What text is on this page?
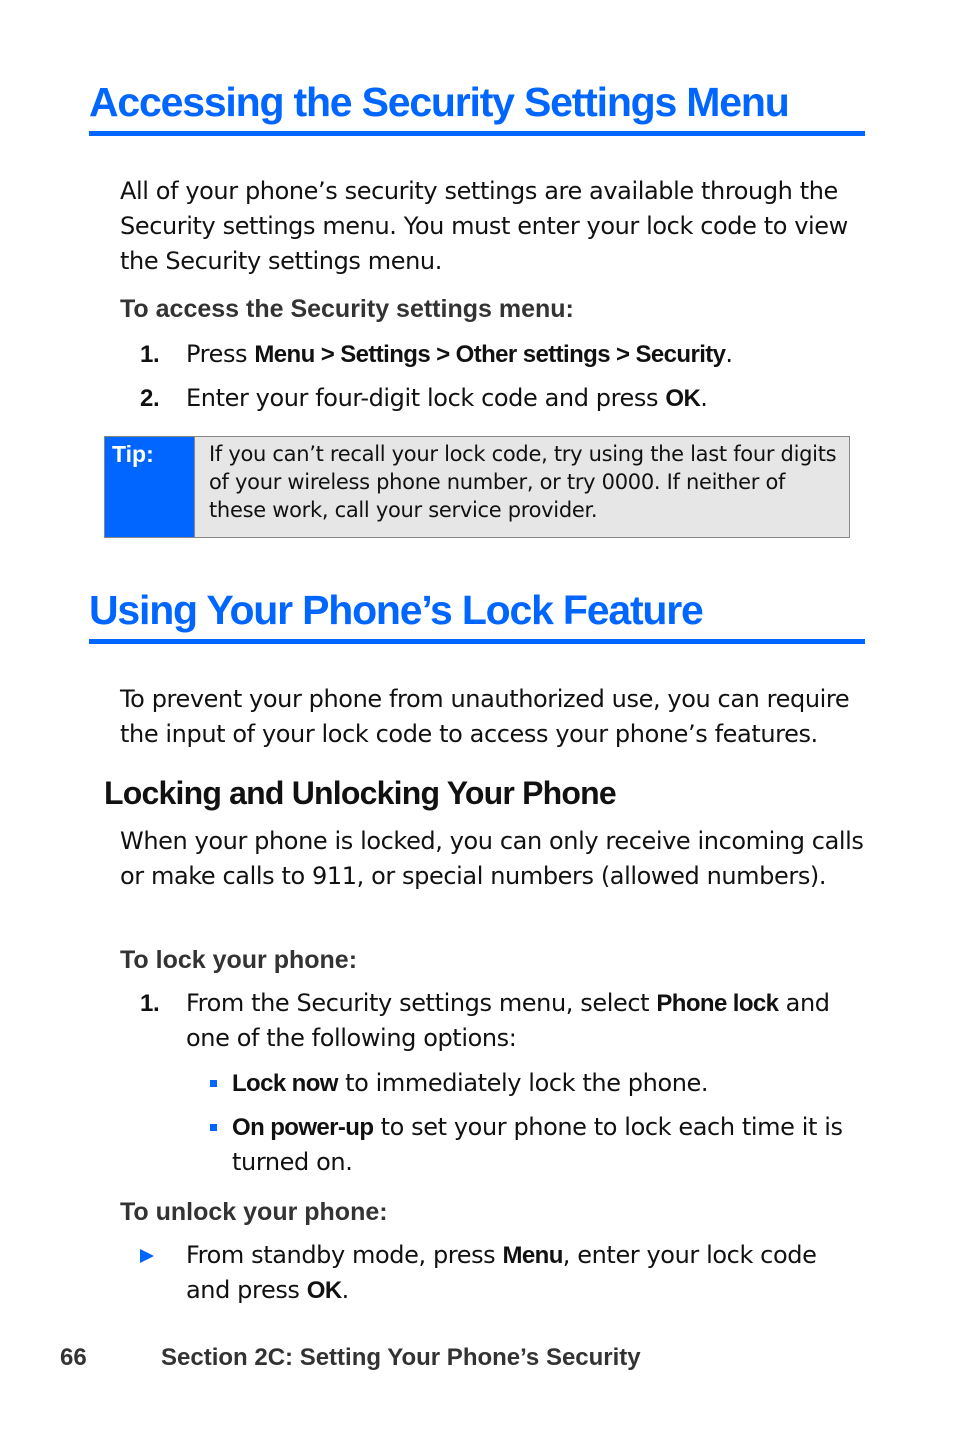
Accessing the Security Settings Menu

All of your phone’s security settings are available through the Security settings menu. You must enter your lock code to view the Security settings menu.

To access the Security settings menu:

1. Press Menu > Settings > Other settings > Security.
2. Enter your four-digit lock code and press OK.
Tip:	If you can’t recall your lock code, try using the last four digits of your wireless phone number, or try 0000. If neither of these work, call your service provider.
Using Your Phone’s Lock Feature

To prevent your phone from unauthorized use, you can require the input of your lock code to access your phone’s features.

Locking and Unlocking Your Phone

When your phone is locked, you can only receive incoming calls or make calls to 911, or special numbers (allowed numbers).

To lock your phone:

1. From the Security settings menu, select Phone lock and one of the following options:
Lock now to immediately lock the phone.
On power-up to set your phone to lock each time it is turned on.

To unlock your phone:

From standby mode, press Menu, enter your lock code and press OK.
66	Section 2C: Setting Your Phone’s Security
